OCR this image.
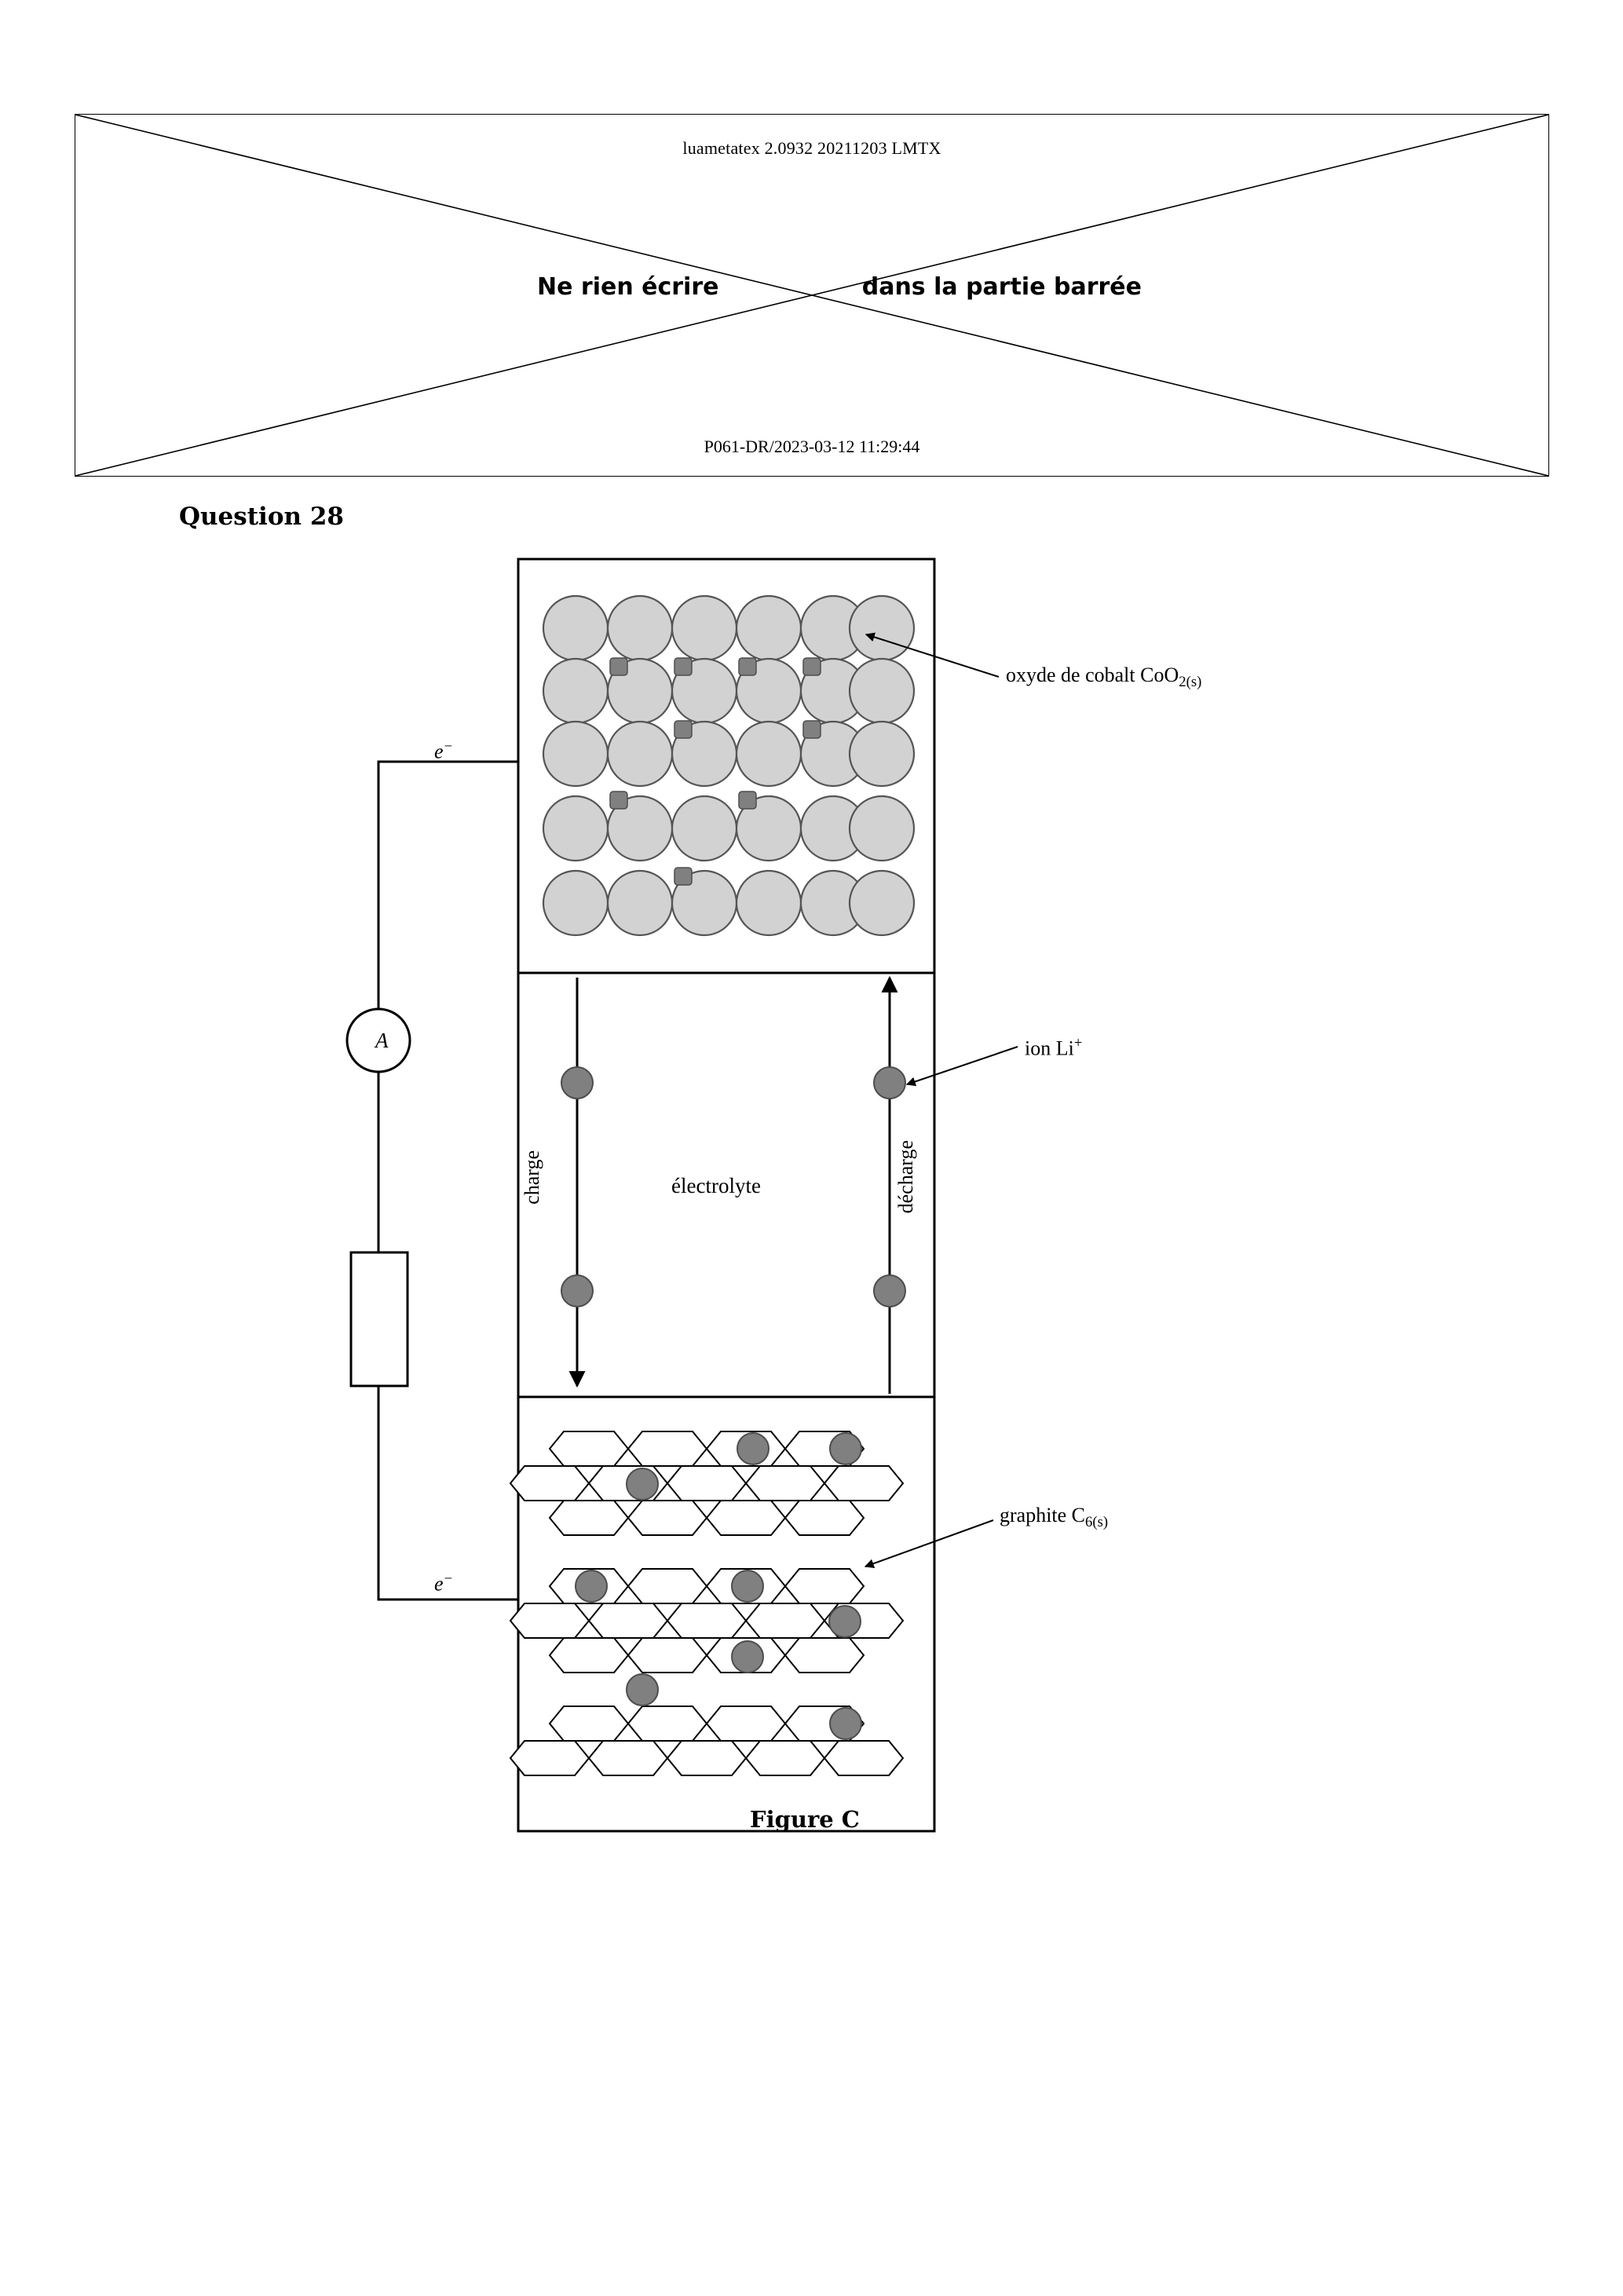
luametatex 2.0932 20211203 LMTX
Ne rien écrire	dans la partie barrée
P061-DR/2023-03-12 11:29:44
Question 28
oxyde de cobalt CoO$_{2(s)}$
ion Li+
graphite $C_{6(s)}$
charge	décharge
électrolyte
e−
e−
A
Figure C
